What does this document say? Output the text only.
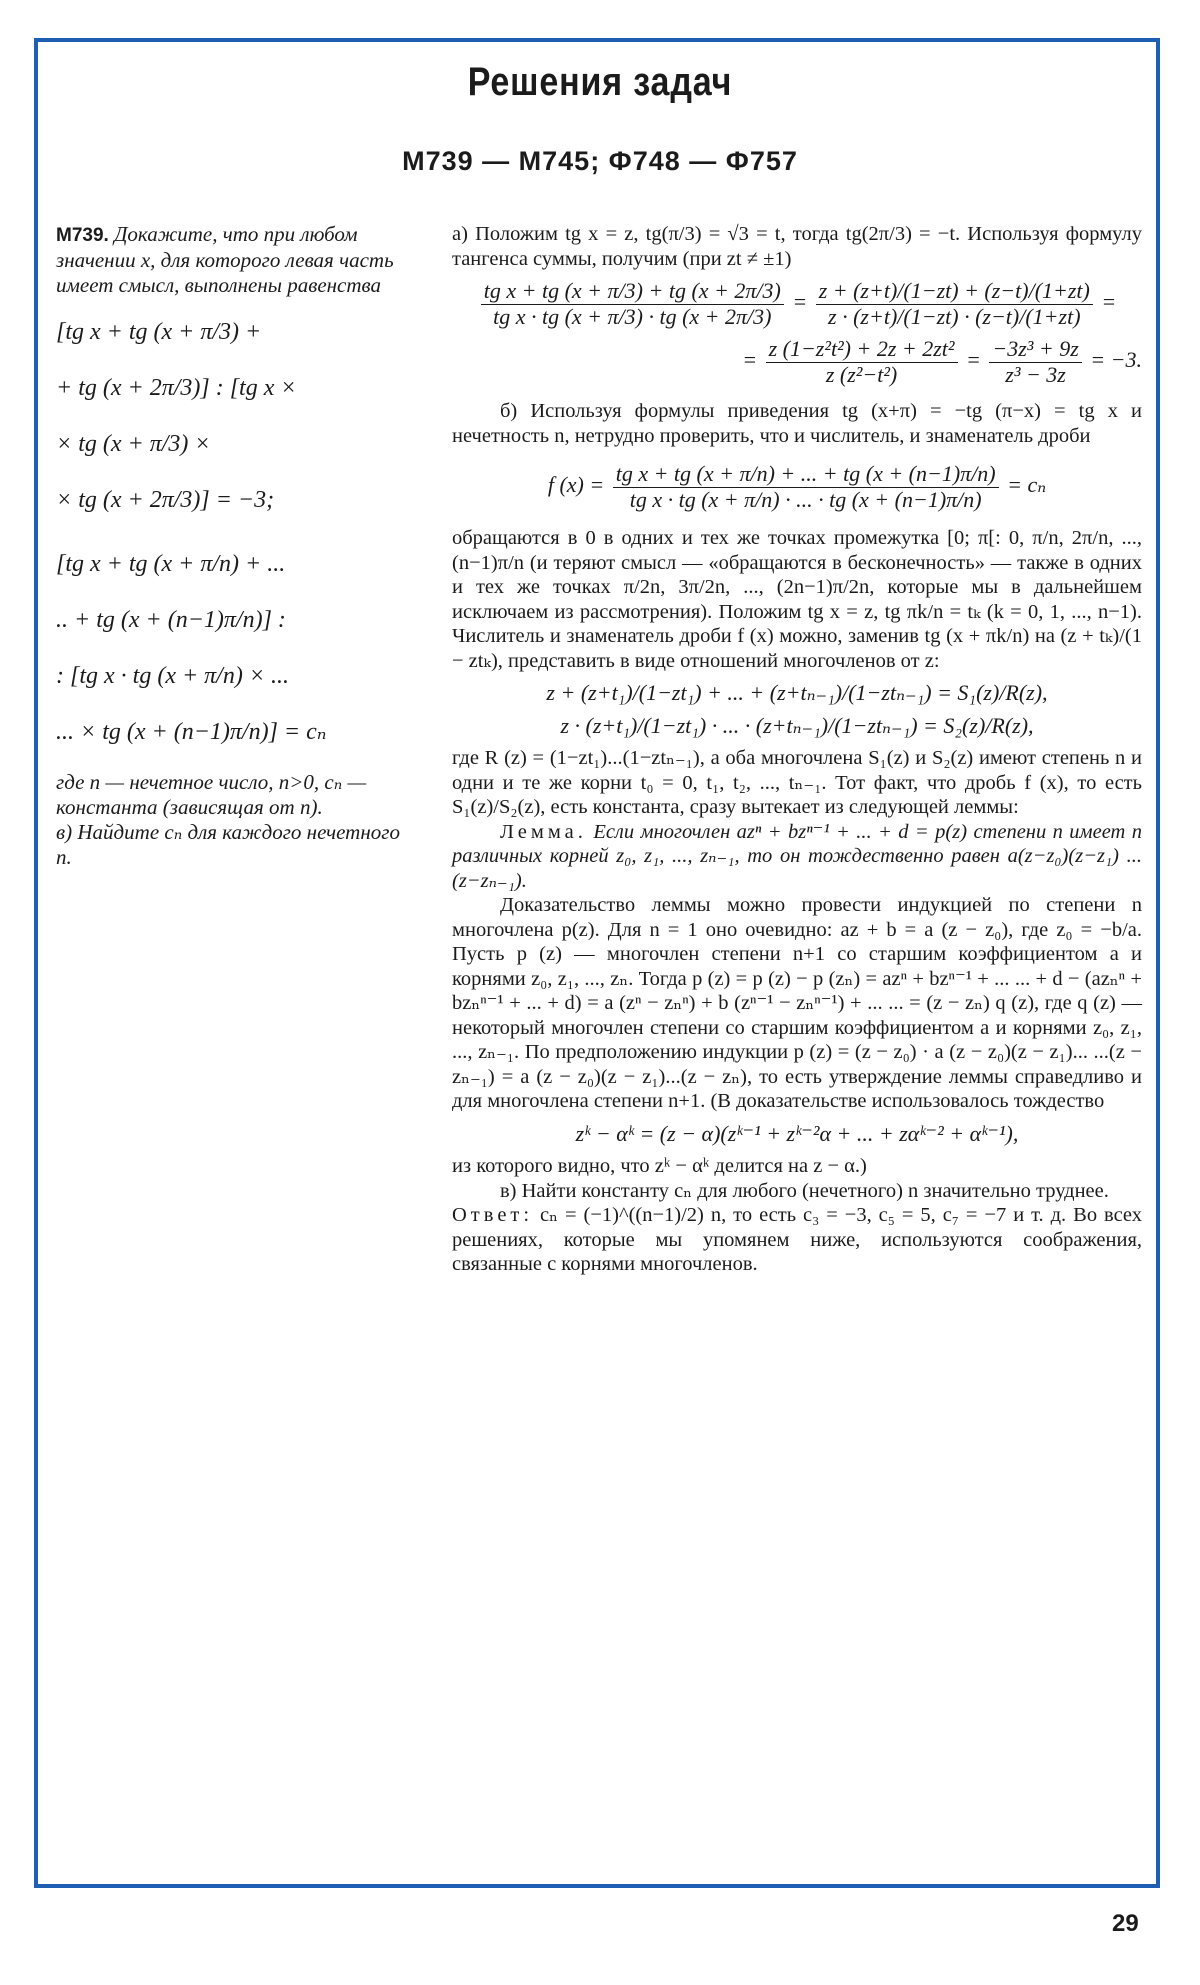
Решения задач
М739 — М745; Ф748 — Ф757

М739. Докажите, что при любом значении x, для которого левая часть имеет смысл, выполнены равенства

[tg x + tg (x + π/3) +
+ tg (x + 2π/3)] : [tg x ×
× tg (x + π/3) ×
× tg (x + 2π/3)] = −3;
[tg x + tg (x + π/n) + ...
.. + tg (x + (n−1)π/n)] :
: [tg x · tg (x + π/n) × ...
... × tg (x + (n−1)π/n)] = cₙ

где n — нечетное число, n>0, cₙ — константа (зависящая от n).

в) Найдите cₙ для каждого нечетного n.

а) Положим tg x = z, tg(π/3) = √3 = t, тогда tg(2π/3) = −t. Используя формулу тангенса суммы, получим (при zt ≠ ±1)

$\frac{\text{tg x + tg (x + π/3) + tg (x + 2π/3)}}{\text{tg x · tg (x + π/3) · tg (x + 2π/3)}} = \frac{z + (z+t)/(1-zt) + (z-t)/(1+zt)}{z \cdot (z+t)/(1-zt) \cdot (z-t)/(1+zt)}$ =
= $\frac{\text{z (1−z²t²) + 2z + 2zt²}}{\text{z (z²−t²)}} = \frac{\text{−3z³ + 9z}}{\text{z³ − 3z}} = -3$.

б) Используя формулы приведения tg (x+π) = −tg (π−x) = tg x и нечетность n, нетрудно проверить, что и числитель, и знаменатель дроби

f $(x) = \frac{\text{tg x + tg (x + π/n) + ... + tg (x + (n−1)π/n)}}{\text{tg x · tg (x + π/n) · ... · tg (x + (n−1)π/n)}} = c_n$

обращаются в 0 в одних и тех же точках промежутка [0; π[: 0, π/n, 2π/n, ..., (n−1)π/n (и теряют смысл — «обращаются в бесконечность» — также в одних и тех же точках π/2n, 3π/2n, ..., (2n−1)π/2n, которые мы в дальнейшем исключаем из рассмотрения). Положим tg x = z, tg πk/n = tₖ (k = 0, 1, ..., n−1). Числитель и знаменатель дроби f (x) можно, заменив tg (x + πk/n) на (z + tₖ)/(1 − ztₖ), представить в виде отношений многочленов от z:

z + (z+t₁)/(1−zt₁) + ... + (z+tₙ₋₁)/(1−ztₙ₋₁) = S₁(z)/R(z),
z · (z+t₁)/(1−zt₁) · ... · (z+tₙ₋₁)/(1−ztₙ₋₁) = S₂(z)/R(z),

где R (z) = (1−zt₁)...(1−ztₙ₋₁), а оба многочлена S₁(z) и S₂(z) имеют степень n и одни и те же корни t₀ = 0, t₁, t₂, ..., tₙ₋₁. Тот факт, что дробь f (x), то есть S₁(z)/S₂(z), есть константа, сразу вытекает из следующей леммы:

Лемма. Если многочлен azⁿ + bzⁿ⁻¹ + ... + d = p(z) степени n имеет n различных корней z₀, z₁, ..., zₙ₋₁, то он тождественно равен a(z−z₀)(z−z₁) ... (z−zₙ₋₁).

Доказательство леммы можно провести индукцией по степени n многочлена p(z). Для n = 1 оно очевидно: az + b = a (z − z₀), где z₀ = −b/a. Пусть p (z) — многочлен степени n+1 со старшим коэффициентом a и корнями z₀, z₁, ..., zₙ. Тогда p (z) = p (z) − p (zₙ) = azⁿ + bzⁿ⁻¹ + ... ... + d − (azₙⁿ + bzₙⁿ⁻¹ + ... + d) = a (zⁿ − zₙⁿ) + b (zⁿ⁻¹ − zₙⁿ⁻¹) + ... ... = (z − zₙ) q (z), где q (z) — некоторый многочлен степени со старшим коэффициентом a и корнями z₀, z₁, ..., zₙ₋₁. По предположению индукции p (z) = (z − z₀) · a (z − z₀)(z − z₁)... ...(z − zₙ₋₁) = a (z − z₀)(z − z₁)...(z − zₙ), то есть утверждение леммы справедливо и для многочлена степени n+1. (В доказательстве использовалось тождество

zᵏ − αᵏ = (z − α)(zᵏ⁻¹ + zᵏ⁻²α + ... + zαᵏ⁻² + αᵏ⁻¹),

из которого видно, что zᵏ − αᵏ делится на z − α.)

в) Найти константу cₙ для любого (нечетного) n значительно труднее.

Ответ: cₙ = (−1)^((n−1)/2) n, то есть c₃ = −3, c₅ = 5, c₇ = −7 и т. д. Во всех решениях, которые мы упомянем ниже, используются соображения, связанные с корнями многочленов.

29
